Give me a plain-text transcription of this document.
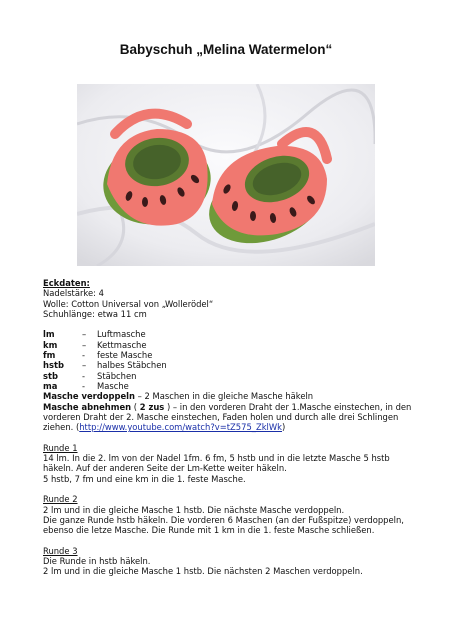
Babyschuh „Melina Watermelon“

Eckdaten:

Nadelstärke: 4

Wolle: Cotton Universal von „Wollerödel“

Schuhlänge: etwa 11 cm

lm	–	Luftmasche
km	–	Kettmasche
fm	-	feste Masche
hstb	–	halbes Stäbchen
stb	-	Stäbchen
ma	-	Masche

Masche verdoppeln – 2 Maschen in die gleiche Masche häkeln

Masche abnehmen ( 2 zus ) – in den vorderen Draht der 1.Masche einstechen, in den vorderen Draht der 2. Masche einstechen, Faden holen und durch alle drei Schlingen ziehen. (http://www.youtube.com/watch?v=tZ575_ZklWk)

Runde 1

14 lm. In die 2. lm von der Nadel 1fm. 6 fm, 5 hstb und in die letzte Masche 5 hstb häkeln. Auf der anderen Seite der Lm-Kette weiter häkeln.

5 hstb, 7 fm und eine km in die 1. feste Masche.

Runde 2

2 lm und in die gleiche Masche 1 hstb. Die nächste Masche verdoppeln.

Die ganze Runde hstb häkeln. Die vorderen 6 Maschen (an der Fußspitze) verdoppeln, ebenso die letze Masche. Die Runde mit 1 km in die 1. feste Masche schließen.

Runde 3

Die Runde in hstb häkeln.

2 lm und in die gleiche Masche 1 hstb. Die nächsten 2 Maschen verdoppeln.
